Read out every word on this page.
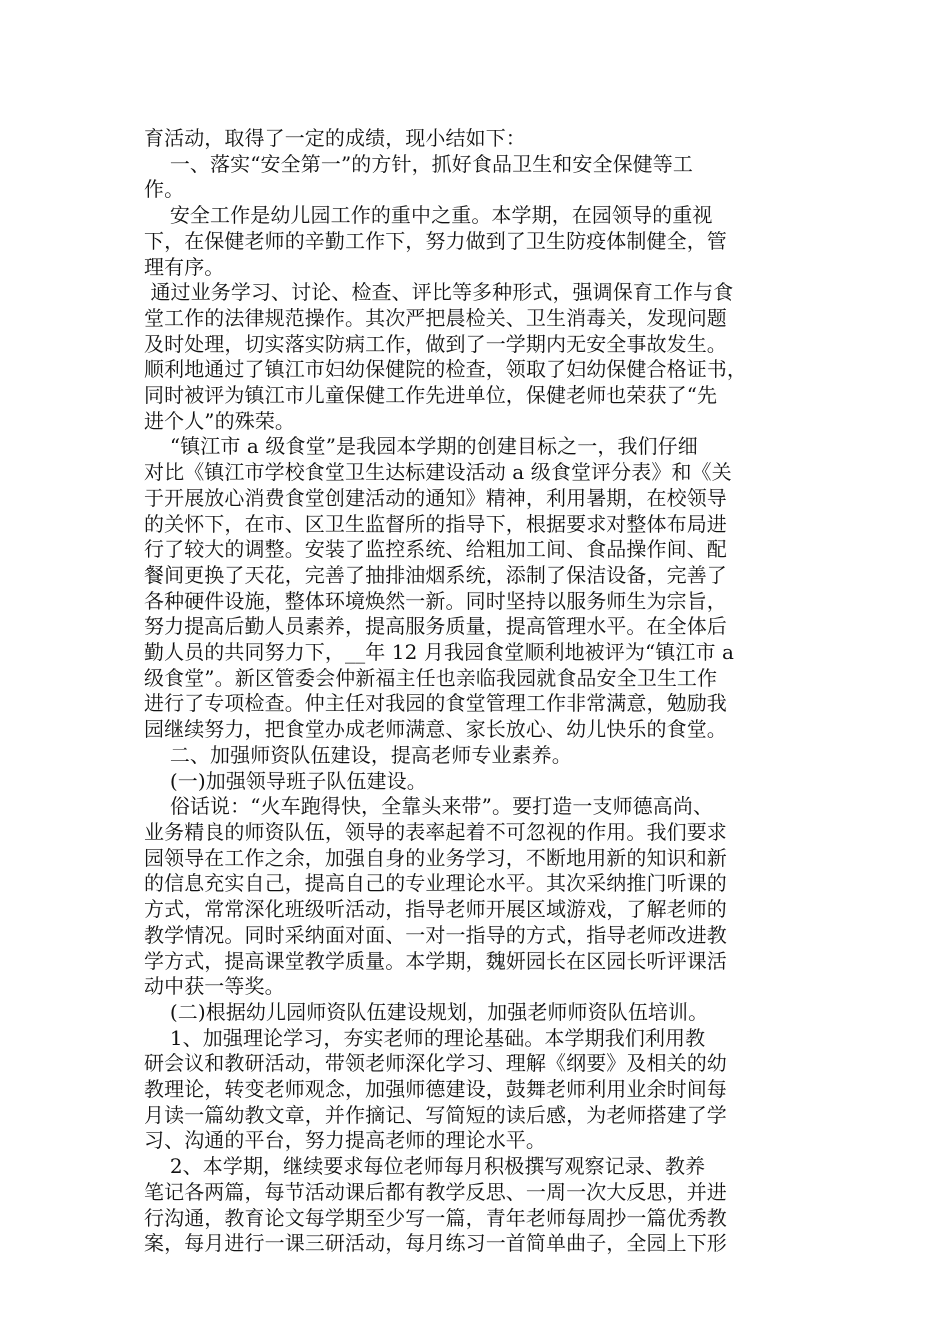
育活动，取得了一定的成绩，现小结如下：

一、落实“安全第一”的方针，抓好食品卫生和安全保健等工

作。

安全工作是幼儿园工作的重中之重。本学期，在园领导的重视

下，在保健老师的辛勤工作下，努力做到了卫生防疫体制健全，管

理有序。

通过业务学习、讨论、检查、评比等多种形式，强调保育工作与食

堂工作的法律规范操作。其次严把晨检关、卫生消毒关，发现问题

及时处理，切实落实防病工作，做到了一学期内无安全事故发生。

顺利地通过了镇江市妇幼保健院的检查，领取了妇幼保健合格证书，

同时被评为镇江市儿童保健工作先进单位，保健老师也荣获了“先

进个人”的殊荣。

“镇江市 a 级食堂”是我园本学期的创建目标之一，我们仔细

对比《镇江市学校食堂卫生达标建设活动 a 级食堂评分表》和《关

于开展放心消费食堂创建活动的通知》精神，利用暑期，在校领导

的关怀下，在市、区卫生监督所的指导下，根据要求对整体布局进

行了较大的调整。安装了监控系统、给粗加工间、食品操作间、配

餐间更换了天花，完善了抽排油烟系统，添制了保洁设备，完善了

各种硬件设施，整体环境焕然一新。同时坚持以服务师生为宗旨，

努力提高后勤人员素养，提高服务质量，提高管理水平。在全体后

勤人员的共同努力下，__年 12 月我园食堂顺利地被评为“镇江市 a

级食堂”。新区管委会仲新福主任也亲临我园就食品安全卫生工作

进行了专项检查。仲主任对我园的食堂管理工作非常满意，勉励我

园继续努力，把食堂办成老师满意、家长放心、幼儿快乐的食堂。

二、加强师资队伍建设，提高老师专业素养。

(一)加强领导班子队伍建设。

俗话说：“火车跑得快，全靠头来带”。要打造一支师德高尚、

业务精良的师资队伍，领导的表率起着不可忽视的作用。我们要求

园领导在工作之余，加强自身的业务学习，不断地用新的知识和新

的信息充实自己，提高自己的专业理论水平。其次采纳推门听课的

方式，常常深化班级听活动，指导老师开展区域游戏，了解老师的

教学情况。同时采纳面对面、一对一指导的方式，指导老师改进教

学方式，提高课堂教学质量。本学期，魏妍园长在区园长听评课活

动中获一等奖。

(二)根据幼儿园师资队伍建设规划，加强老师师资队伍培训。

1、加强理论学习，夯实老师的理论基础。本学期我们利用教

研会议和教研活动，带领老师深化学习、理解《纲要》及相关的幼

教理论，转变老师观念，加强师德建设，鼓舞老师利用业余时间每

月读一篇幼教文章，并作摘记、写简短的读后感，为老师搭建了学

习、沟通的平台，努力提高老师的理论水平。

2、本学期，继续要求每位老师每月积极撰写观察记录、教养

笔记各两篇，每节活动课后都有教学反思、一周一次大反思，并进

行沟通，教育论文每学期至少写一篇，青年老师每周抄一篇优秀教

案，每月进行一课三研活动，每月练习一首简单曲子，全园上下形
